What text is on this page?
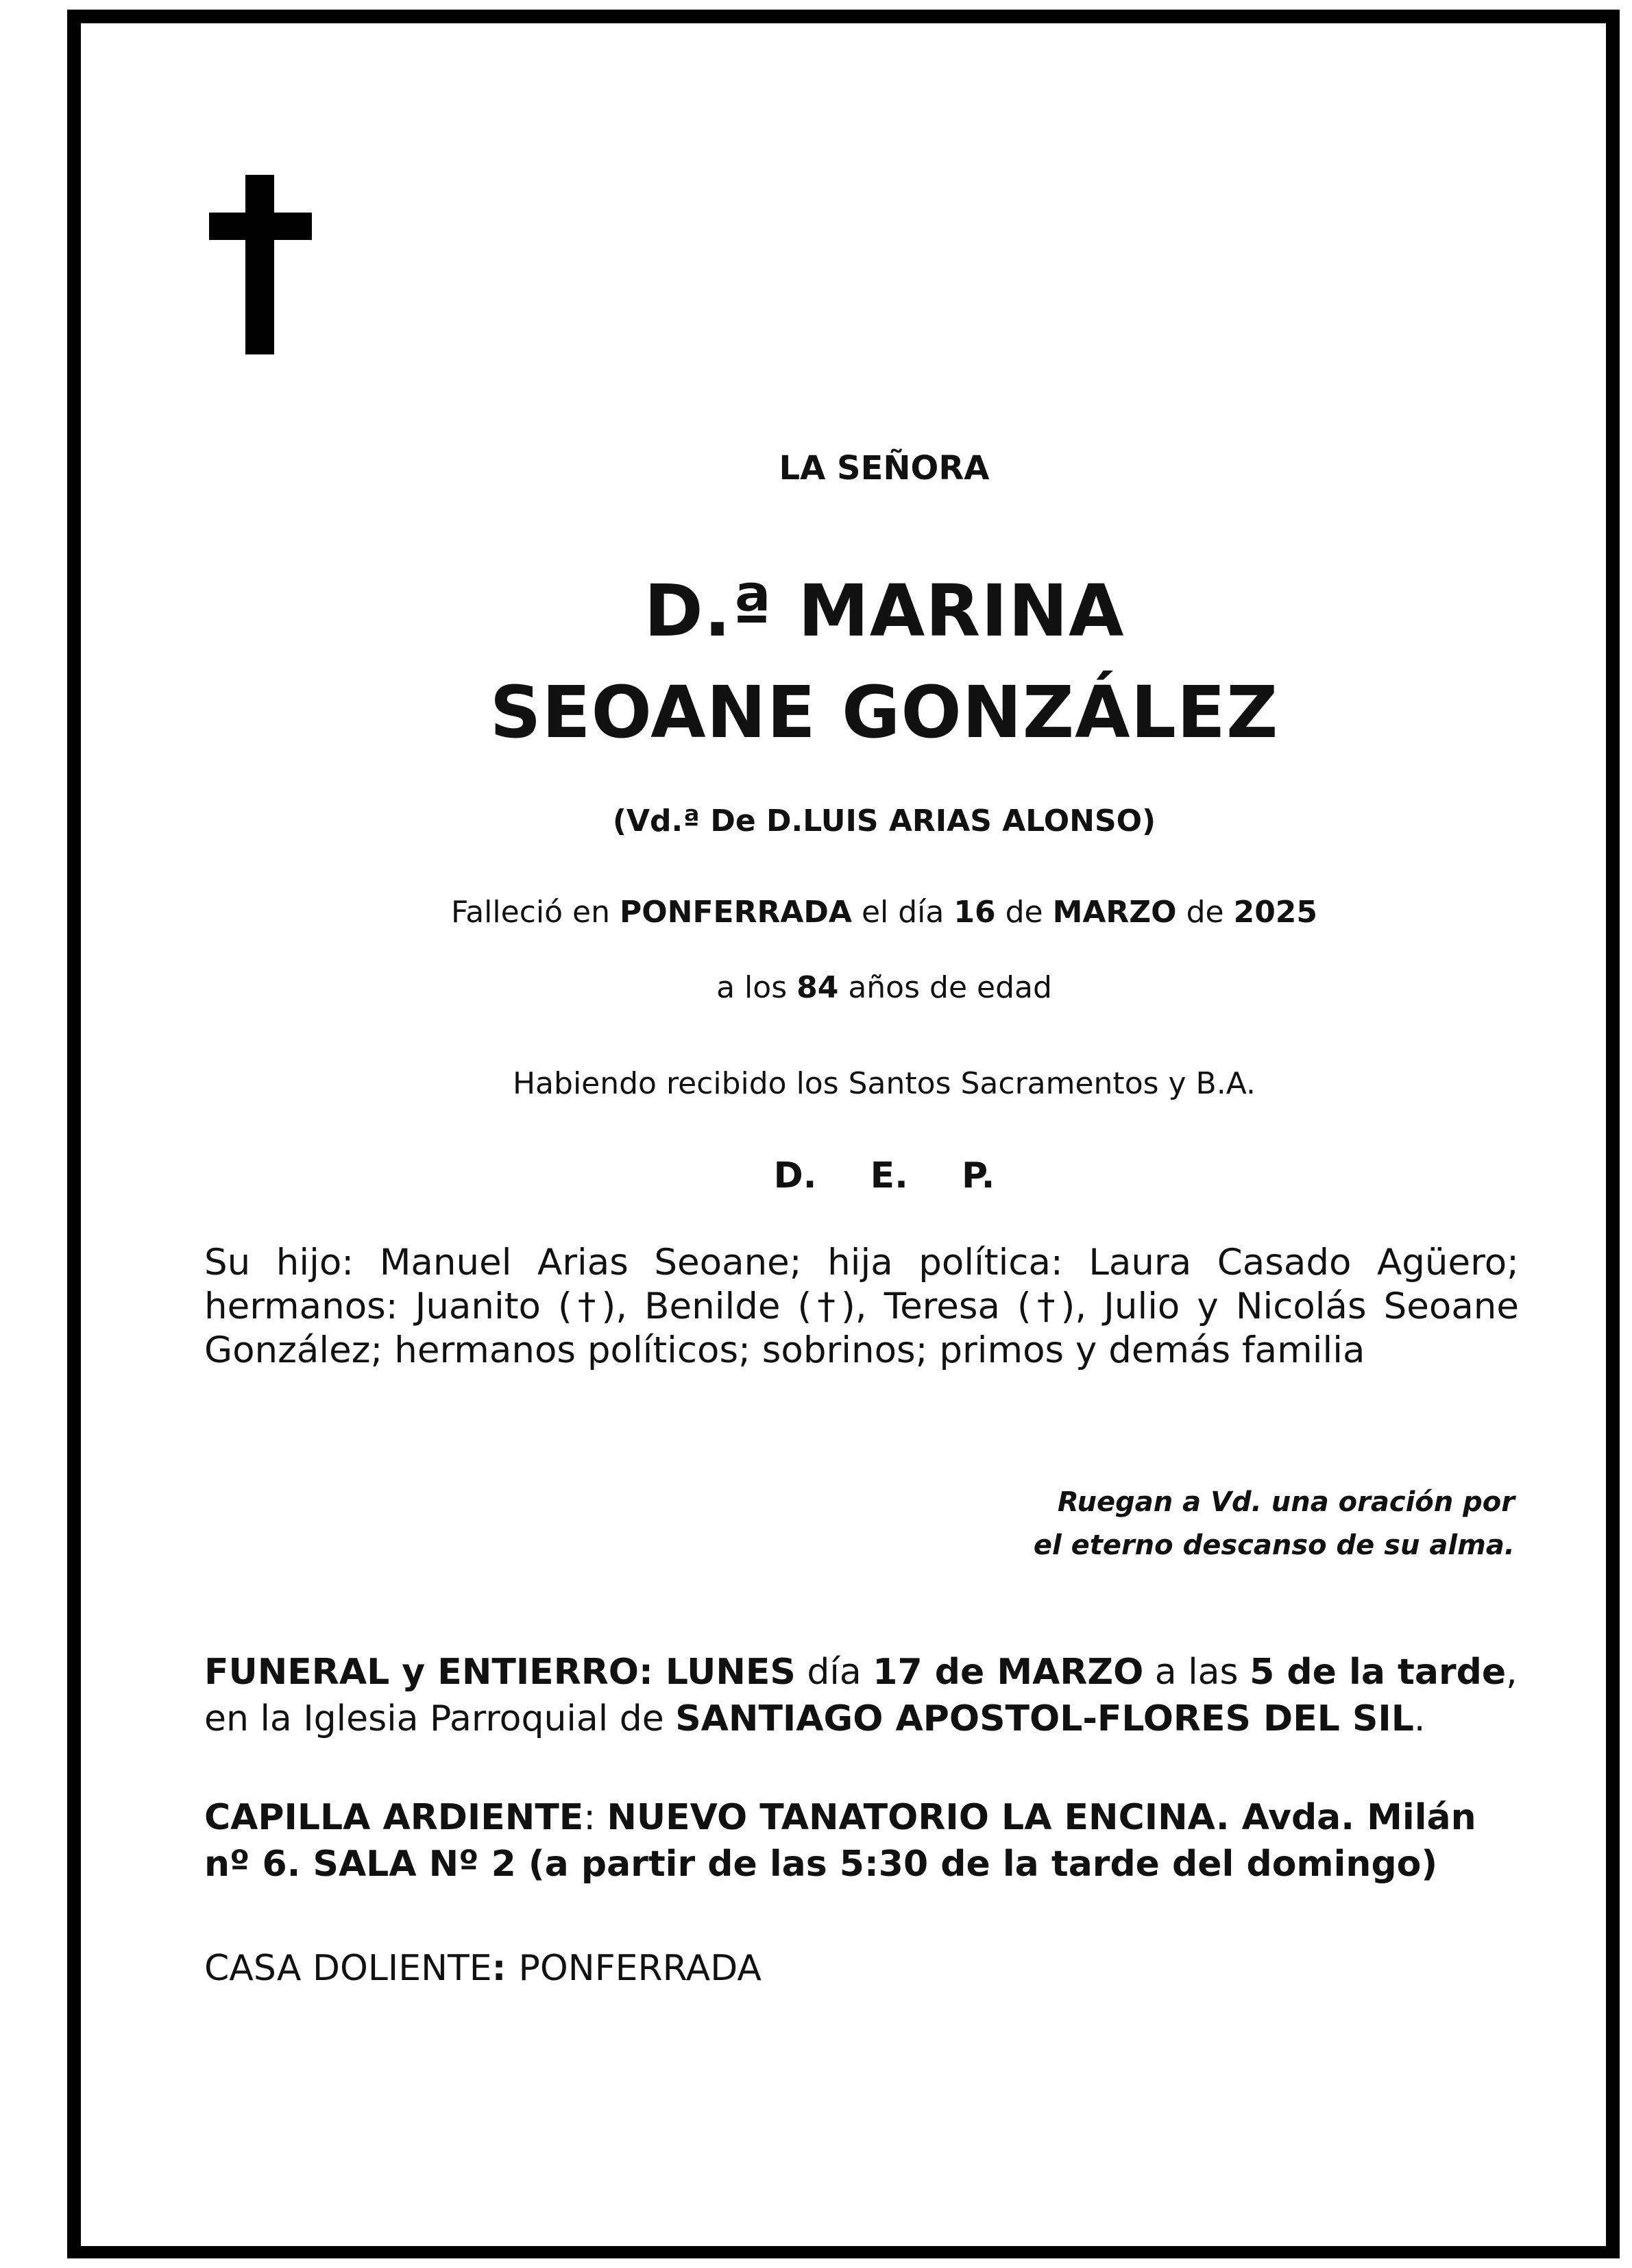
LA SEÑORA
D.ª MARINA
SEOANE GONZÁLEZ
(Vd.ª De D.LUIS ARIAS ALONSO)
Falleció en PONFERRADA el día 16 de MARZO de 2025
a los 84 años de edad
Habiendo recibido los Santos Sacramentos y B.A.
D. E. P.
Su hijo: Manuel Arias Seoane; hija política: Laura Casado Agüero; hermanos: Juanito (†), Benilde (†), Teresa (†), Julio y Nicolás Seoane González; hermanos políticos; sobrinos; primos y demás familia
Ruegan a Vd. una oración por
el eterno descanso de su alma.
FUNERAL y ENTIERRO: LUNES día 17 de MARZO a las 5 de la tarde, en la Iglesia Parroquial de SANTIAGO APOSTOL-FLORES DEL SIL.
CAPILLA ARDIENTE: NUEVO TANATORIO LA ENCINA. Avda. Milán nº 6. SALA Nº 2 (a partir de las 5:30 de la tarde del domingo)
CASA DOLIENTE: PONFERRADA
